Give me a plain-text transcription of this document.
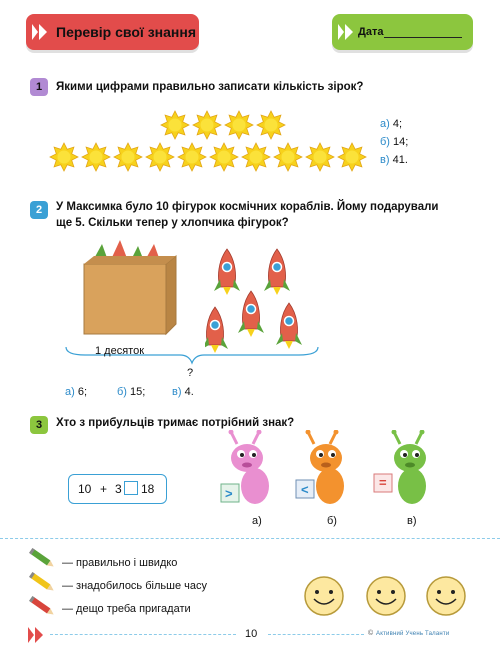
Перевір свої знання	Дата
1	Якими цифрами правильно записати кількість зірок?
а) 4;
б) 14;
в) 41.
2	У Максимка було 10 фігурок космічних кораблів. Йому подарували
ще 5. Скільки тепер у хлопчика фігурок?
1 десяток
?
а) 6;	б) 15; в) 4.
3	Хто з прибульців тримає потрібний знак?
10 + 3 18	>	<	=
а)	б)	в)
— правильно і швидко
— знадобилось більше часу
— дещо треба пригадати
10	© Активний Учень Таланти
